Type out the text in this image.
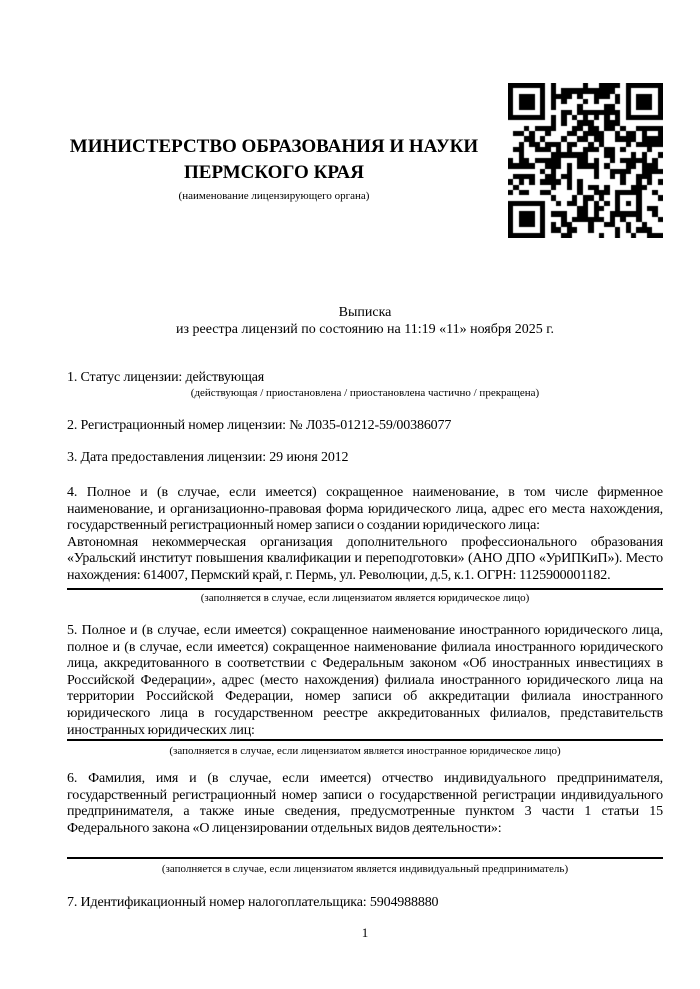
МИНИСТЕРСТВО ОБРАЗОВАНИЯ И НАУКИ
ПЕРМСКОГО КРАЯ
(наименование лицензирующего органа)
Выписка
из реестра лицензий по состоянию на 11:19 «11» ноября 2025 г.
1. Статус лицензии: действующая
(действующая / приостановлена / приостановлена частично / прекращена)
2. Регистрационный номер лицензии: № Л035-01212-59/00386077
3. Дата предоставления лицензии: 29 июня 2012

4. Полное и (в случае, если имеется) сокращенное наименование, в том числе фирменное наименование, и организационно-правовая форма юридического лица, адрес его места нахождения, государственный регистрационный номер записи о создании юридического лица:

Автономная некоммерческая организация дополнительного профессионального образования «Уральский институт повышения квалификации и переподготовки» (АНО ДПО «УрИПКиП»). Место нахождения: 614007, Пермский край, г. Пермь, ул. Революции, д.5, к.1. ОГРН: 1125900001182.

(заполняется в случае, если лицензиатом является юридическое лицо)

5. Полное и (в случае, если имеется) сокращенное наименование иностранного юридического лица, полное и (в случае, если имеется) сокращенное наименование филиала иностранного юридического лица, аккредитованного в соответствии с Федеральным законом «Об иностранных инвестициях в Российской Федерации», адрес (место нахождения) филиала иностранного юридического лица на территории Российской Федерации, номер записи об аккредитации филиала иностранного юридического лица в государственном реестре аккредитованных филиалов, представительств иностранных юридических лиц:

(заполняется в случае, если лицензиатом является иностранное юридическое лицо)

6. Фамилия, имя и (в случае, если имеется) отчество индивидуального предпринимателя, государственный регистрационный номер записи о государственной регистрации индивидуального предпринимателя, а также иные сведения, предусмотренные пунктом 3 части 1 статьи 15 Федерального закона «О лицензировании отдельных видов деятельности»:

(заполняется в случае, если лицензиатом является индивидуальный предприниматель)
7. Идентификационный номер налогоплательщика: 5904988880
1
